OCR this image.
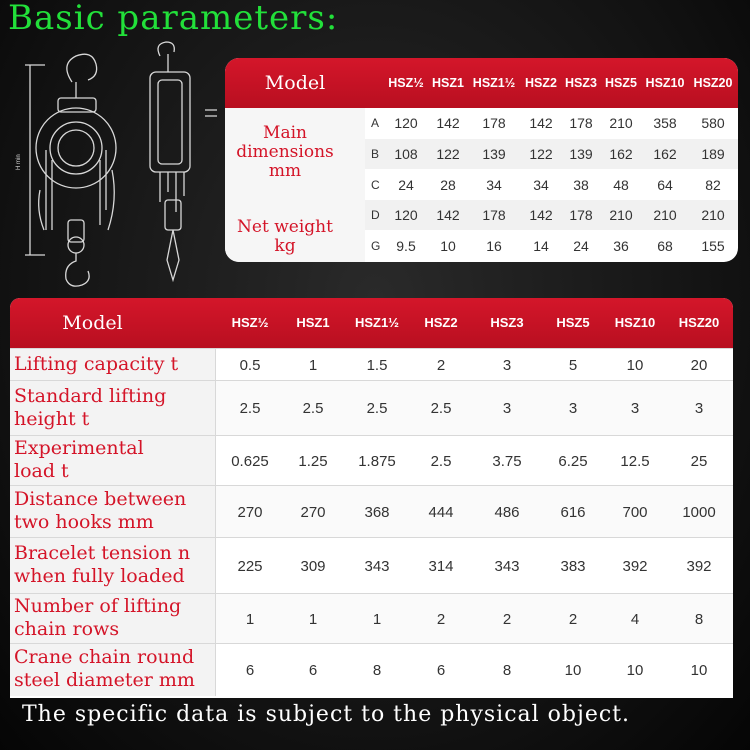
Basic parameters:
H min
Model	HSZ½ HSZ1 HSZ1½ HSZ2 HSZ3 HSZ5 HSZ10 HSZ20
Main
dimensions
mm
Net weight
kg
A	120	142	178	142	178	210	358	580
B	108	122	139	122	139	162	162	189
C	24	28	34	34	38	48	64	82
D	120	142	178	142	178	210	210	210
G	9.5	10	16	14	24	36	68	155
Model	HSZ½	HSZ1	HSZ1½	HSZ2	HSZ3	HSZ5	HSZ10	HSZ20
Lifting capacity t	0.5	1	1.5	2	3	5	10	20
Standard lifting
height t	2.5	2.5	2.5	2.5	3	3	3	3
Experimental
load t	0.625	1.25	1.875	2.5	3.75	6.25	12.5	25
Distance between
two hooks mm	270	270	368	444	486	616	700	1000
Bracelet tension n
when fully loaded	225	309	343	314	343	383	392	392
Number of lifting
chain rows	1	1	1	2	2	2	4	8
Crane chain round
steel diameter mm	6	6	8	6	8	10	10	10
The specific data is subject to the physical object.
